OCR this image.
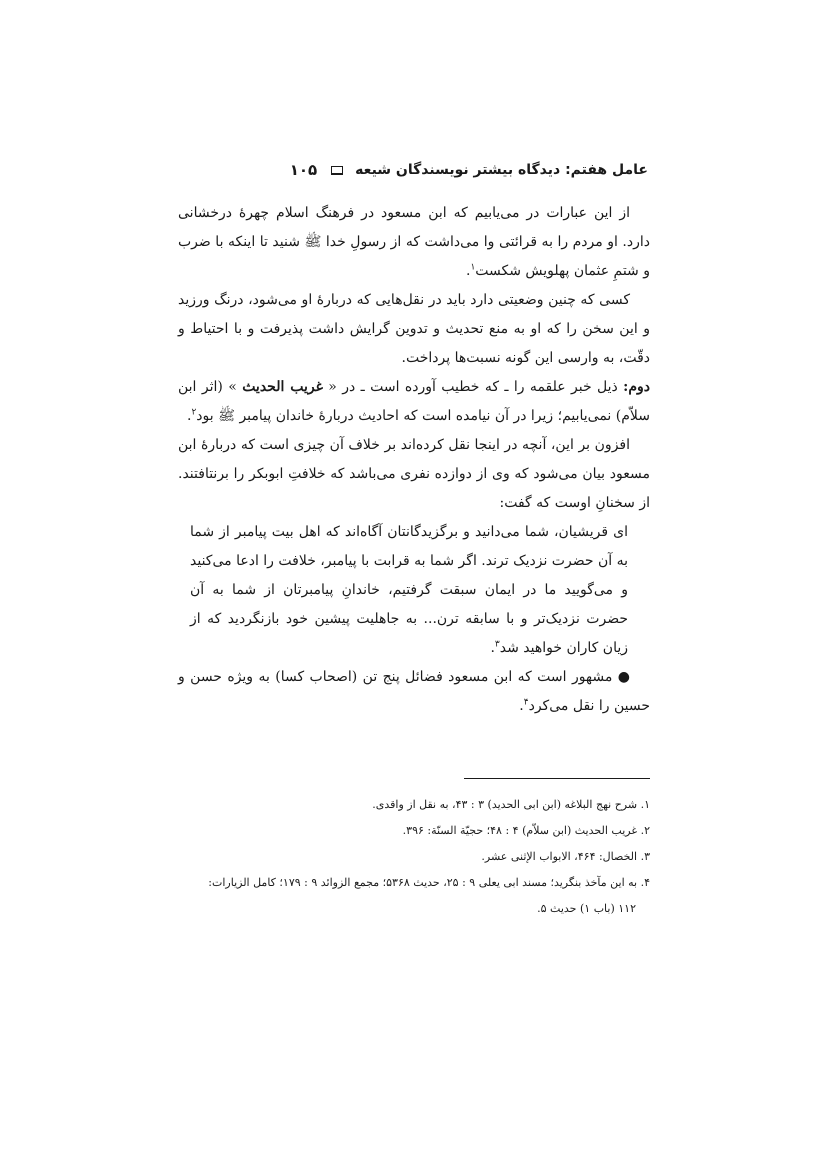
عامل هفتم: دیدگاه بیشتر نویسندگان شیعه
۱۰۵

از این عبارات در می‌یابیم که ابن مسعود در فرهنگ اسلام چهرهٔ درخشانی دارد. او مردم را به قرائتی وا می‌داشت که از رسولِ خدا ﷺ شنید تا اینکه با ضرب و شتمِ عثمان پهلویش شکست$^۱$.

کسی که چنین وضعیتی دارد باید در نقل‌هایی که دربارهٔ او می‌شود، درنگ ورزید و این سخن را که او به منع تحدیث و تدوین گرایش داشت پذیرفت و با احتیاط و دقّت، به وارسی این گونه نسبت‌ها پرداخت.

دوم: ذیل خبر علقمه را ـ که خطیب آورده است ـ در « غریب الحدیث » (اثر ابن سلاّم) نمی‌یابیم؛ زیرا در آن نیامده است که احادیث دربارهٔ خاندان پیامبر ﷺ بود$^۲$.

افزون بر این، آنچه در اینجا نقل کرده‌اند بر خلاف آن چیزی است که دربارهٔ ابن مسعود بیان می‌شود که وی از دوازده نفری می‌باشد که خلافتِ ابوبکر را برنتافتند. از سخنانِ اوست که گفت:

ای قریشیان، شما می‌دانید و برگزیدگانتان آگاه‌اند که اهل بیت پیامبر از شما به آن حضرت نزدیک ترند. اگر شما به قرابت با پیامبر، خلافت را ادعا می‌کنید و می‌گویید ما در ایمان سبقت گرفتیم، خاندانِ پیامبرتان از شما به آن حضرت نزدیک‌تر و با سابقه ترن... به جاهلیت پیشین خود بازنگردید که از زیان کاران خواهید شد$^۳$.

● مشهور است که ابن مسعود فضائل پنج تن (اصحاب کسا) به ویژه حسن و حسین را نقل می‌کرد$^۴$.

۱. شرح نهج البلاغه (ابن ابی الحدید) ۳ : ۴۳، به نقل از واقدی.

۲. غریب الحدیث (ابن سلاّم) ۴ : ۴۸؛ حجیّة السنّة: ۳۹۶.

۳. الخصال: ۴۶۴، الابواب الإثنی عشر.

۴. به این مآخذ بنگرید؛ مسند ابی یعلی ۹ : ۲۵، حدیث ۵۳۶۸؛ مجمع الزوائد ۹ : ۱۷۹؛ کامل الزیارات:

۱۱۲ (باب ۱) حدیث ۵.
